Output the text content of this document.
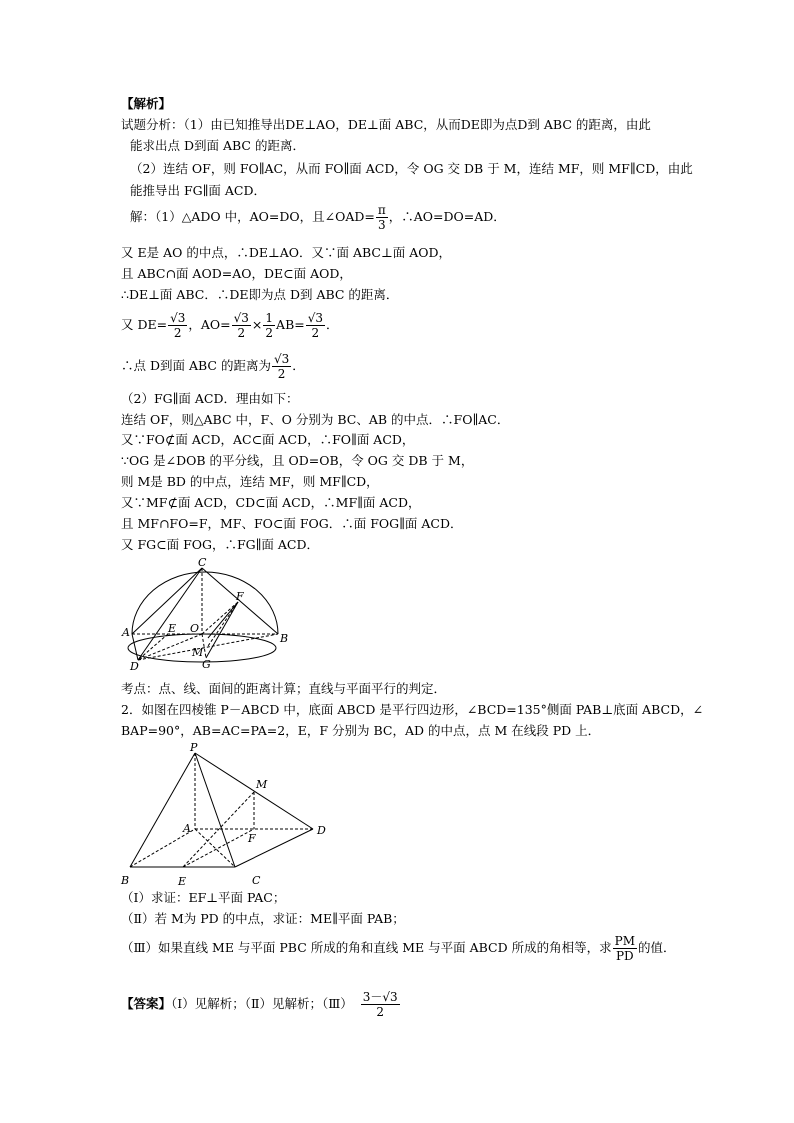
【解析】
试题分析：（1）由已知推导出DE⊥AO，DE⊥面 ABC，从而DE即为点D到 ABC 的距离，由此
能求出点 D到面 ABC 的距离．
（2）连结 OF，则 FO∥AC，从而 FO∥面 ACD，令 OG 交 DB 于 M，连结 MF，则 MF∥CD，由此
能推导出 FG∥面 ACD．
解：（1）△ADO 中，AO=DO，且∠OAD= $\frac{\pi}{3}$ ，∴AO=DO=AD．
又 E是 AO 的中点，∴DE⊥AO．又∵面 ABC⊥面 AOD，
且 ABC∩面 AOD=AO，DE⊂面 AOD，
∴DE⊥面 ABC．∴DE即为点 D到 ABC 的距离．
又 $DE= \frac{√3}{2}$ ，$AO= \frac{√3}{2} \times \frac{1}{2} AB= \frac{√3}{2}$ ．
∴点 D到面 ABC 的距离为 $\frac{√3}{2}$ ．
（2）FG∥面 ACD．理由如下：
连结 OF，则△ABC 中，F、O 分别为 BC、AB 的中点．∴FO∥AC．
又∵FO⊄面 ACD，AC⊂面 ACD，∴FO∥面 ACD，
∵OG 是∠DOB 的平分线，且 OD=OB，令 OG 交 DB 于 M，
则 M是 BD 的中点，连结 MF，则 MF∥CD，
又∵MF⊄面 ACD，CD⊂面 ACD，∴MF∥面 ACD，
且 MF∩FO=F，MF、FO⊂面 FOG．∴面 FOG∥面 ACD．
又 FG⊂面 FOG，∴FG∥面 ACD．
C
F
A	E O
B
M
D	G
考点：点、线、面间的距离计算；直线与平面平行的判定．
2．如图在四棱锥 P－ABCD 中，底面 ABCD 是平行四边形，∠BCD=135°侧面 PAB⊥底面 ABCD，∠
BAP=90°，AB=AC=PA=2，E，F 分别为 BC，AD 的中点，点 M 在线段 PD 上．
P
M
A
F
D
B	E	C
（Ⅰ）求证：EF⊥平面 PAC；
（Ⅱ）若 M为 PD 的中点，求证：ME∥平面 PAB；
（Ⅲ）如果直线 ME 与平面 PBC 所成的角和直线 ME 与平面 ABCD 所成的角相等，求 $\frac{PM}{PD}$ 的值．
【答案】（Ⅰ）见解析；（Ⅱ）见解析；（Ⅲ） $\frac{3-√3}{2}$
